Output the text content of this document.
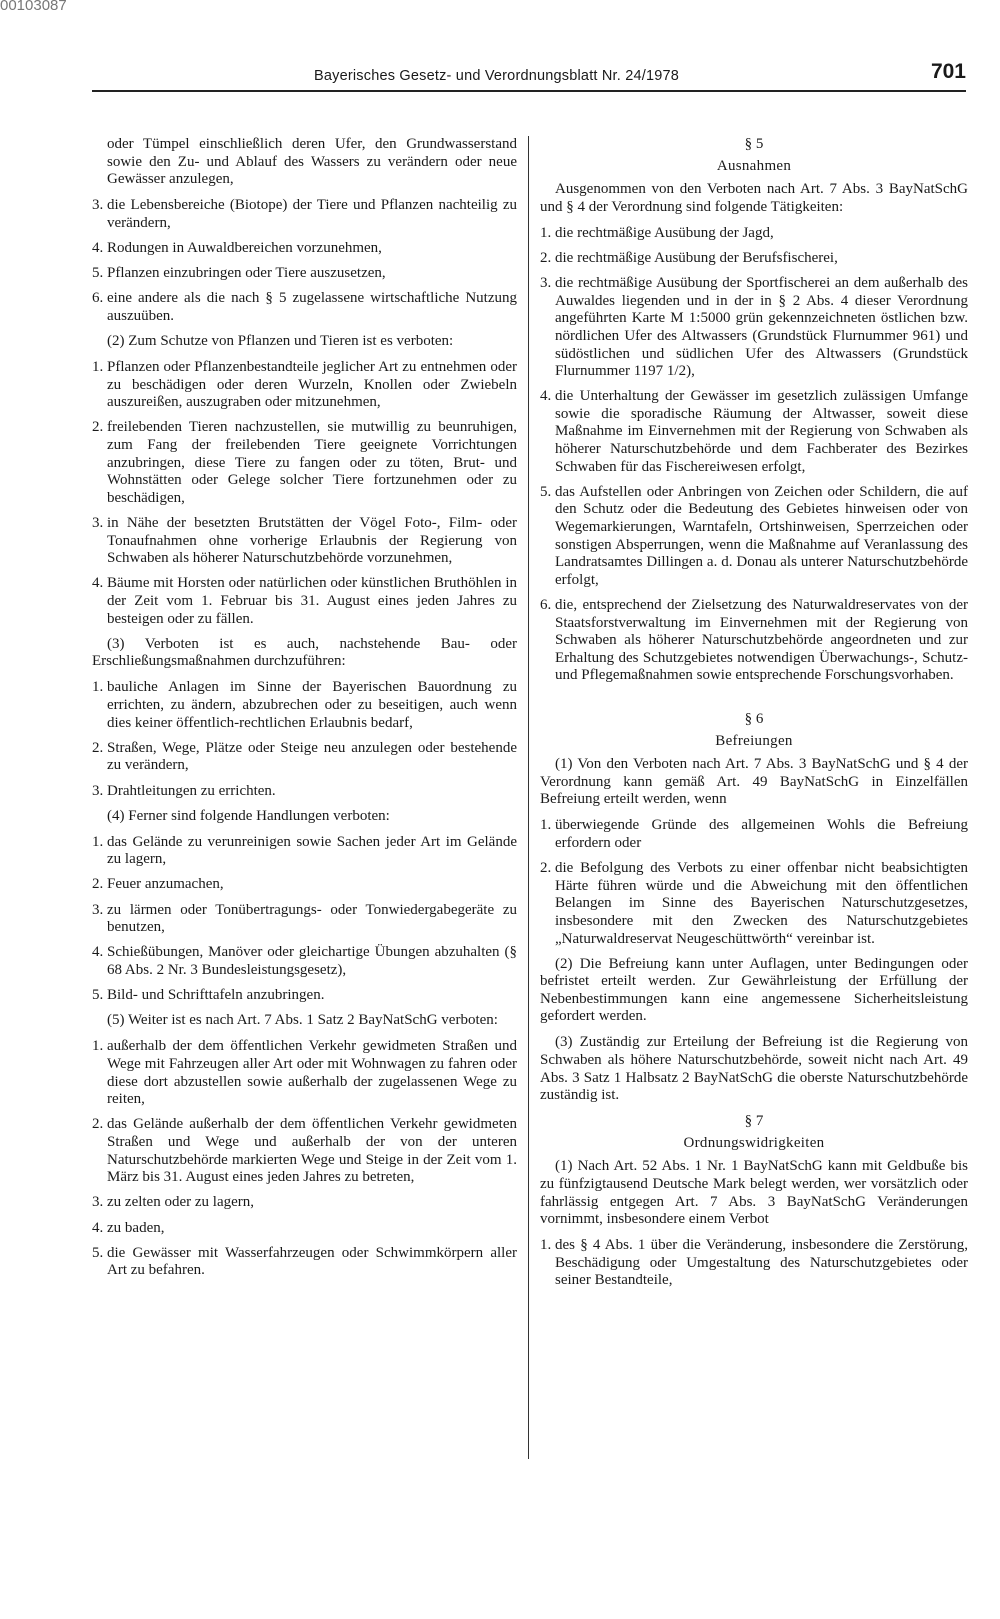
00103087
Bayerisches Gesetz- und Verordnungsblatt Nr. 24/1978	701

oder Tümpel einschließlich deren Ufer, den Grundwasserstand sowie den Zu- und Ablauf des Wassers zu verändern oder neue Gewässer anzulegen,

3. die Lebensbereiche (Biotope) der Tiere und Pflanzen nachteilig zu verändern,
4. Rodungen in Auwaldbereichen vorzunehmen,
5. Pflanzen einzubringen oder Tiere auszusetzen,
6. eine andere als die nach § 5 zugelassene wirtschaftliche Nutzung auszuüben.

(2) Zum Schutze von Pflanzen und Tieren ist es verboten:

1. Pflanzen oder Pflanzenbestandteile jeglicher Art zu entnehmen oder zu beschädigen oder deren Wurzeln, Knollen oder Zwiebeln auszureißen, auszugraben oder mitzunehmen,
2. freilebenden Tieren nachzustellen, sie mutwillig zu beunruhigen, zum Fang der freilebenden Tiere geeignete Vorrichtungen anzubringen, diese Tiere zu fangen oder zu töten, Brut- und Wohnstätten oder Gelege solcher Tiere fortzunehmen oder zu beschädigen,
3. in Nähe der besetzten Brutstätten der Vögel Foto-, Film- oder Tonaufnahmen ohne vorherige Erlaubnis der Regierung von Schwaben als höherer Naturschutzbehörde vorzunehmen,
4. Bäume mit Horsten oder natürlichen oder künstlichen Bruthöhlen in der Zeit vom 1. Februar bis 31. August eines jeden Jahres zu besteigen oder zu fällen.

(3) Verboten ist es auch, nachstehende Bau- oder Erschließungsmaßnahmen durchzuführen:

1. bauliche Anlagen im Sinne der Bayerischen Bauordnung zu errichten, zu ändern, abzubrechen oder zu beseitigen, auch wenn dies keiner öffentlich-rechtlichen Erlaubnis bedarf,
2. Straßen, Wege, Plätze oder Steige neu anzulegen oder bestehende zu verändern,
3. Drahtleitungen zu errichten.

(4) Ferner sind folgende Handlungen verboten:

1. das Gelände zu verunreinigen sowie Sachen jeder Art im Gelände zu lagern,
2. Feuer anzumachen,
3. zu lärmen oder Tonübertragungs- oder Tonwiedergabegeräte zu benutzen,
4. Schießübungen, Manöver oder gleichartige Übungen abzuhalten (§ 68 Abs. 2 Nr. 3 Bundesleistungsgesetz),
5. Bild- und Schrifttafeln anzubringen.

(5) Weiter ist es nach Art. 7 Abs. 1 Satz 2 BayNatSchG verboten:

1. außerhalb der dem öffentlichen Verkehr gewidmeten Straßen und Wege mit Fahrzeugen aller Art oder mit Wohnwagen zu fahren oder diese dort abzustellen sowie außerhalb der zugelassenen Wege zu reiten,
2. das Gelände außerhalb der dem öffentlichen Verkehr gewidmeten Straßen und Wege und außerhalb der von der unteren Naturschutzbehörde markierten Wege und Steige in der Zeit vom 1. März bis 31. August eines jeden Jahres zu betreten,
3. zu zelten oder zu lagern,
4. zu baden,
5. die Gewässer mit Wasserfahrzeugen oder Schwimmkörpern aller Art zu befahren.

§ 5

Ausnahmen

Ausgenommen von den Verboten nach Art. 7 Abs. 3 BayNatSchG und § 4 der Verordnung sind folgende Tätigkeiten:

1. die rechtmäßige Ausübung der Jagd,
2. die rechtmäßige Ausübung der Berufsfischerei,
3. die rechtmäßige Ausübung der Sportfischerei an dem außerhalb des Auwaldes liegenden und in der in § 2 Abs. 4 dieser Verordnung angeführten Karte M 1:5000 grün gekennzeichneten östlichen bzw. nördlichen Ufer des Altwassers (Grundstück Flurnummer 961) und südöstlichen und südlichen Ufer des Altwassers (Grundstück Flurnummer 1197 1/2),
4. die Unterhaltung der Gewässer im gesetzlich zulässigen Umfange sowie die sporadische Räumung der Altwasser, soweit diese Maßnahme im Einvernehmen mit der Regierung von Schwaben als höherer Naturschutzbehörde und dem Fachberater des Bezirkes Schwaben für das Fischereiwesen erfolgt,
5. das Aufstellen oder Anbringen von Zeichen oder Schildern, die auf den Schutz oder die Bedeutung des Gebietes hinweisen oder von Wegemarkierungen, Warntafeln, Ortshinweisen, Sperrzeichen oder sonstigen Absperrungen, wenn die Maßnahme auf Veranlassung des Landratsamtes Dillingen a. d. Donau als unterer Naturschutzbehörde erfolgt,
6. die, entsprechend der Zielsetzung des Naturwaldreservates von der Staatsforstverwaltung im Einvernehmen mit der Regierung von Schwaben als höherer Naturschutzbehörde angeordneten und zur Erhaltung des Schutzgebietes notwendigen Überwachungs-, Schutz- und Pflegemaßnahmen sowie entsprechende Forschungsvorhaben.

§ 6

Befreiungen

(1) Von den Verboten nach Art. 7 Abs. 3 BayNatSchG und § 4 der Verordnung kann gemäß Art. 49 BayNatSchG in Einzelfällen Befreiung erteilt werden, wenn

1. überwiegende Gründe des allgemeinen Wohls die Befreiung erfordern oder
2. die Befolgung des Verbots zu einer offenbar nicht beabsichtigten Härte führen würde und die Abweichung mit den öffentlichen Belangen im Sinne des Bayerischen Naturschutzgesetzes, insbesondere mit den Zwecken des Naturschutzgebietes „Naturwaldreservat Neugeschüttwörth“ vereinbar ist.

(2) Die Befreiung kann unter Auflagen, unter Bedingungen oder befristet erteilt werden. Zur Gewährleistung der Erfüllung der Nebenbestimmungen kann eine angemessene Sicherheitsleistung gefordert werden.

(3) Zuständig zur Erteilung der Befreiung ist die Regierung von Schwaben als höhere Naturschutzbehörde, soweit nicht nach Art. 49 Abs. 3 Satz 1 Halbsatz 2 BayNatSchG die oberste Naturschutzbehörde zuständig ist.

§ 7

Ordnungswidrigkeiten

(1) Nach Art. 52 Abs. 1 Nr. 1 BayNatSchG kann mit Geldbuße bis zu fünfzigtausend Deutsche Mark belegt werden, wer vorsätzlich oder fahrlässig entgegen Art. 7 Abs. 3 BayNatSchG Veränderungen vornimmt, insbesondere einem Verbot

1. des § 4 Abs. 1 über die Veränderung, insbesondere die Zerstörung, Beschädigung oder Umgestaltung des Naturschutzgebietes oder seiner Bestandteile,
